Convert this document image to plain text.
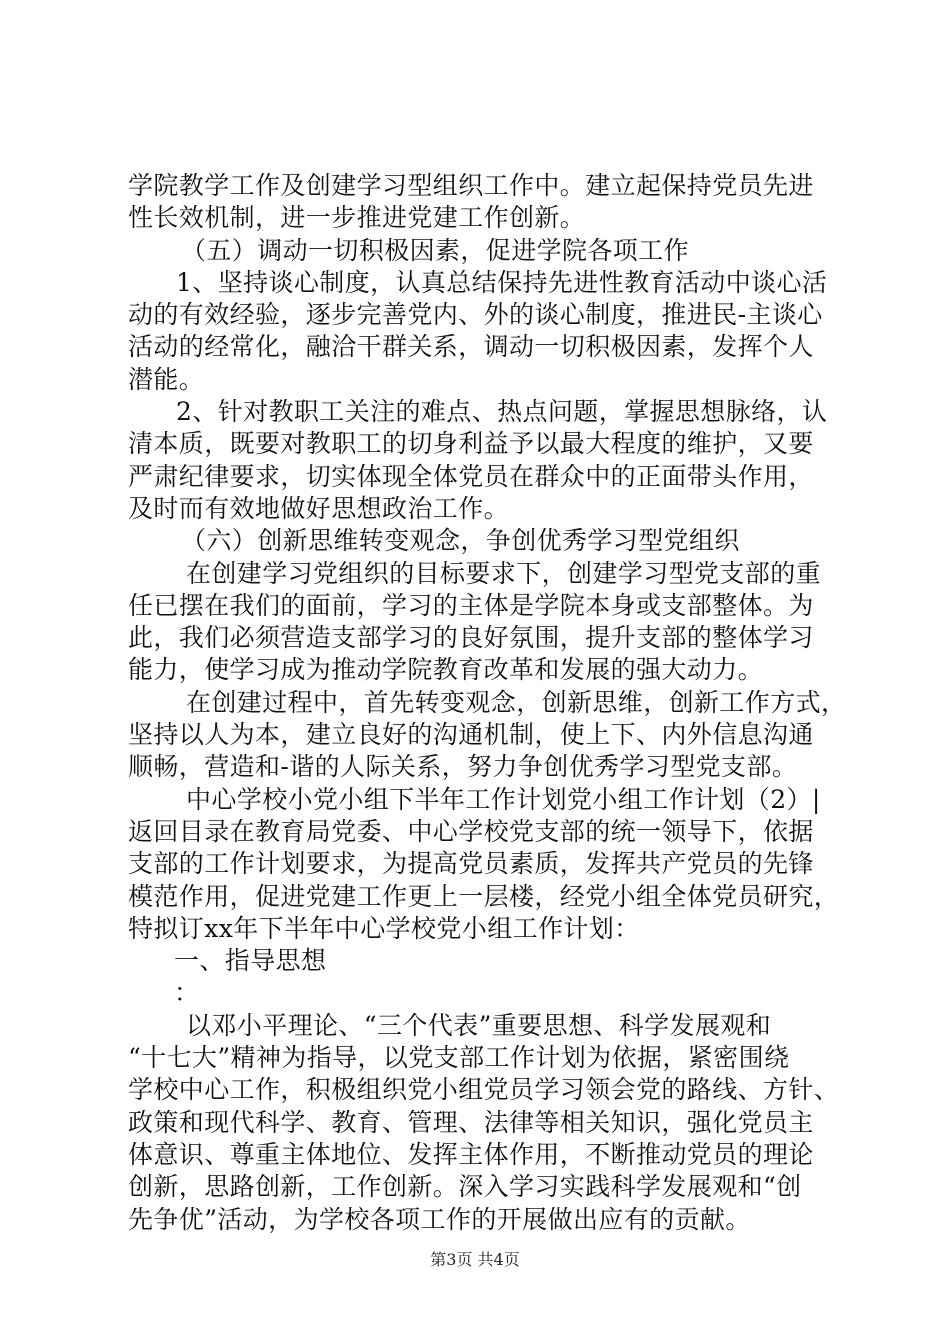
学院教学工作及创建学习型组织工作中。建立起保持党员先进
性长效机制，进一步推进党建工作创新。
（五）调动一切积极因素，促进学院各项工作
1、坚持谈心制度，认真总结保持先进性教育活动中谈心活
动的有效经验，逐步完善党内、外的谈心制度，推进民-主谈心
活动的经常化，融洽干群关系，调动一切积极因素，发挥个人
潜能。
2、针对教职工关注的难点、热点问题，掌握思想脉络，认
清本质，既要对教职工的切身利益予以最大程度的维护，又要
严肃纪律要求，切实体现全体党员在群众中的正面带头作用，
及时而有效地做好思想政治工作。
（六）创新思维转变观念，争创优秀学习型党组织
在创建学习党组织的目标要求下，创建学习型党支部的重
任已摆在我们的面前，学习的主体是学院本身或支部整体。为
此，我们必须营造支部学习的良好氛围，提升支部的整体学习
能力，使学习成为推动学院教育改革和发展的强大动力。
在创建过程中，首先转变观念，创新思维，创新工作方式，
坚持以人为本，建立良好的沟通机制，使上下、内外信息沟通
顺畅，营造和-谐的人际关系，努力争创优秀学习型党支部。
中心学校小党小组下半年工作计划党小组工作计划（2）|
返回目录在教育局党委、中心学校党支部的统一领导下，依据
支部的工作计划要求，为提高党员素质，发挥共产党员的先锋
模范作用，促进党建工作更上一层楼，经党小组全体党员研究，
特拟订xx年下半年中心学校党小组工作计划：
一、指导思想
：
以邓小平理论、“三个代表”重要思想、科学发展观和
“十七大”精神为指导，以党支部工作计划为依据，紧密围绕
学校中心工作，积极组织党小组党员学习领会党的路线、方针、
政策和现代科学、教育、管理、法律等相关知识，强化党员主
体意识、尊重主体地位、发挥主体作用，不断推动党员的理论
创新，思路创新，工作创新。深入学习实践科学发展观和“创
先争优”活动，为学校各项工作的开展做出应有的贡献。
第3页 共4页
